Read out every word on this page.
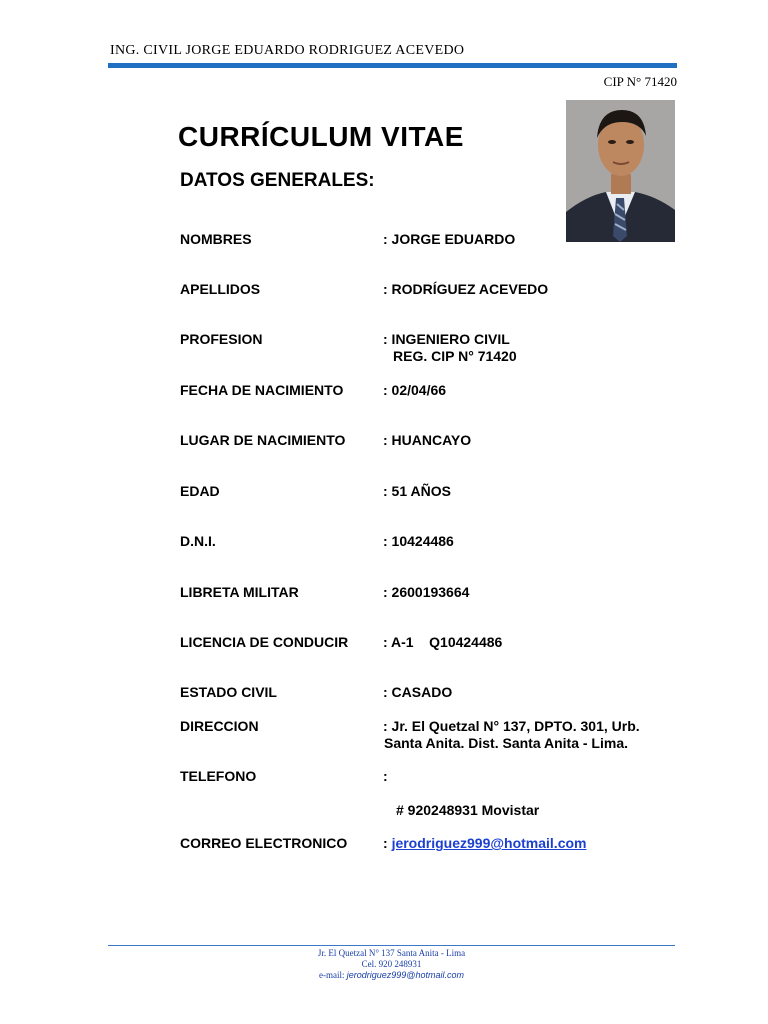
ING. CIVIL JORGE EDUARDO RODRIGUEZ ACEVEDO
CIP N° 71420
CURRÍCULUM VITAE
DATOS GENERALES:
NOMBRES	: JORGE EDUARDO
APELLIDOS	: RODRÍGUEZ ACEVEDO
PROFESION	: INGENIERO CIVIL
REG. CIP N° 71420
FECHA DE NACIMIENTO	: 02/04/66
LUGAR DE NACIMIENTO	: HUANCAYO
EDAD	: 51 AÑOS
D.N.I.	: 10424486
LIBRETA MILITAR	: 2600193664
LICENCIA DE CONDUCIR : A-1    Q10424486
ESTADO CIVIL	: CASADO
DIRECCION	: Jr. El Quetzal N° 137, DPTO. 301, Urb.
Santa Anita. Dist. Santa Anita - Lima.
TELEFONO	:
# 920248931 Movistar
CORREO ELECTRONICO	: jerodriguez999@hotmail.com
Jr. El Quetzal N° 137 Santa Anita - Lima
Cel. 920 248931
e-mail: jerodriguez999@hotmail.com
